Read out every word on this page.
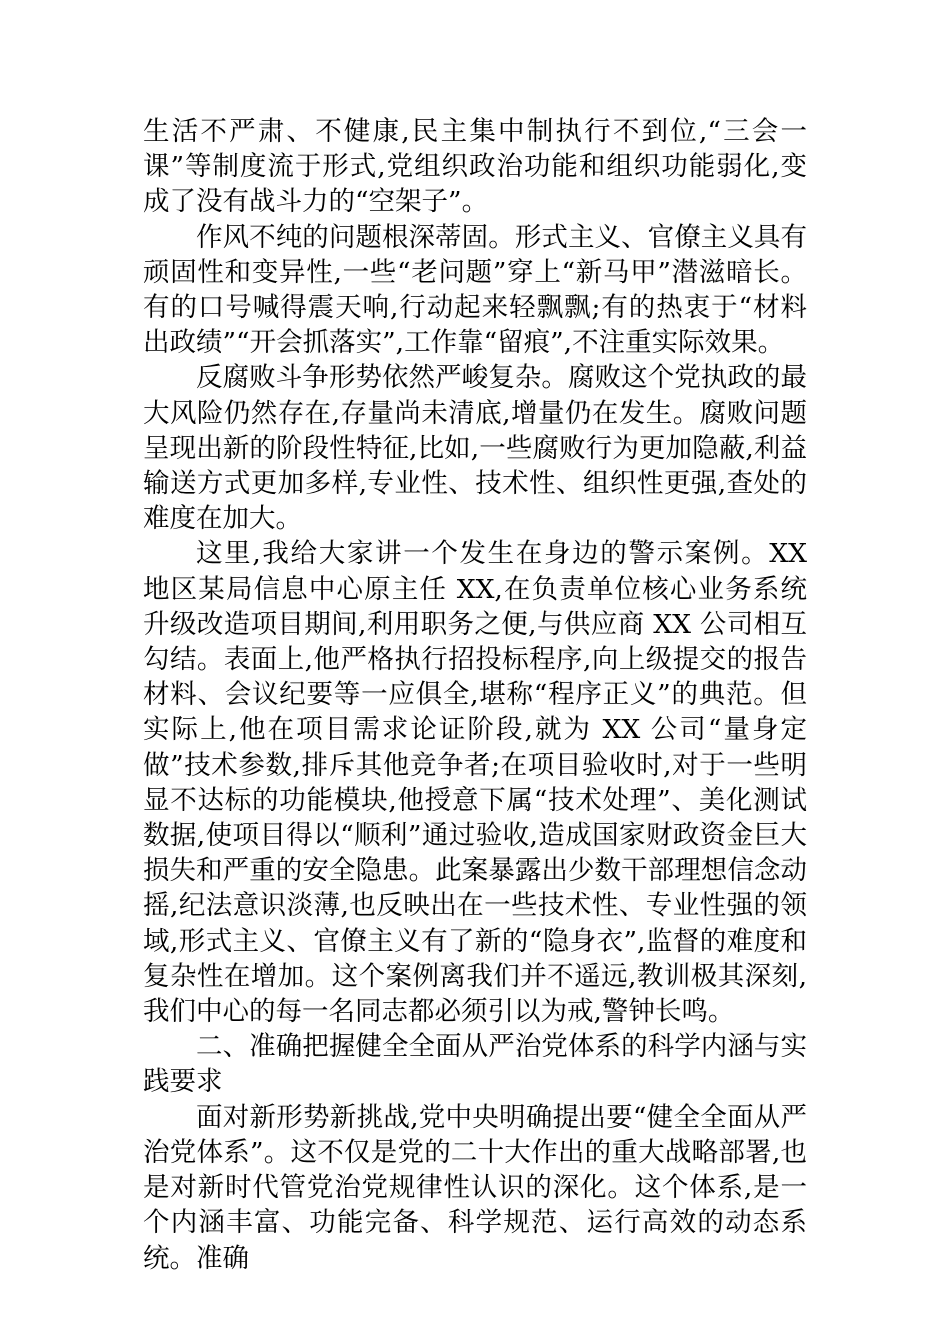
生活不严肃、不健康,民主集中制执行不到位,“三会一课”等制度流于形式,党组织政治功能和组织功能弱化,变成了没有战斗力的“空架子”。

作风不纯的问题根深蒂固。形式主义、官僚主义具有顽固性和变异性,一些“老问题”穿上“新马甲”潜滋暗长。有的口号喊得震天响,行动起来轻飘飘;有的热衷于“材料出政绩”“开会抓落实”,工作靠“留痕”,不注重实际效果。

反腐败斗争形势依然严峻复杂。腐败这个党执政的最大风险仍然存在,存量尚未清底,增量仍在发生。腐败问题呈现出新的阶段性特征,比如,一些腐败行为更加隐蔽,利益输送方式更加多样,专业性、技术性、组织性更强,查处的难度在加大。

这里,我给大家讲一个发生在身边的警示案例。XX 地区某局信息中心原主任 XX,在负责单位核心业务系统升级改造项目期间,利用职务之便,与供应商 XX 公司相互勾结。表面上,他严格执行招投标程序,向上级提交的报告材料、会议纪要等一应俱全,堪称“程序正义”的典范。但实际上,他在项目需求论证阶段,就为 XX 公司“量身定做”技术参数,排斥其他竞争者;在项目验收时,对于一些明显不达标的功能模块,他授意下属“技术处理”、美化测试数据,使项目得以“顺利”通过验收,造成国家财政资金巨大损失和严重的安全隐患。此案暴露出少数干部理想信念动摇,纪法意识淡薄,也反映出在一些技术性、专业性强的领域,形式主义、官僚主义有了新的“隐身衣”,监督的难度和复杂性在增加。这个案例离我们并不遥远,教训极其深刻,我们中心的每一名同志都必须引以为戒,警钟长鸣。

二、准确把握健全全面从严治党体系的科学内涵与实践要求

面对新形势新挑战,党中央明确提出要“健全全面从严治党体系”。这不仅是党的二十大作出的重大战略部署,也是对新时代管党治党规律性认识的深化。这个体系,是一个内涵丰富、功能完备、科学规范、运行高效的动态系统。准确
